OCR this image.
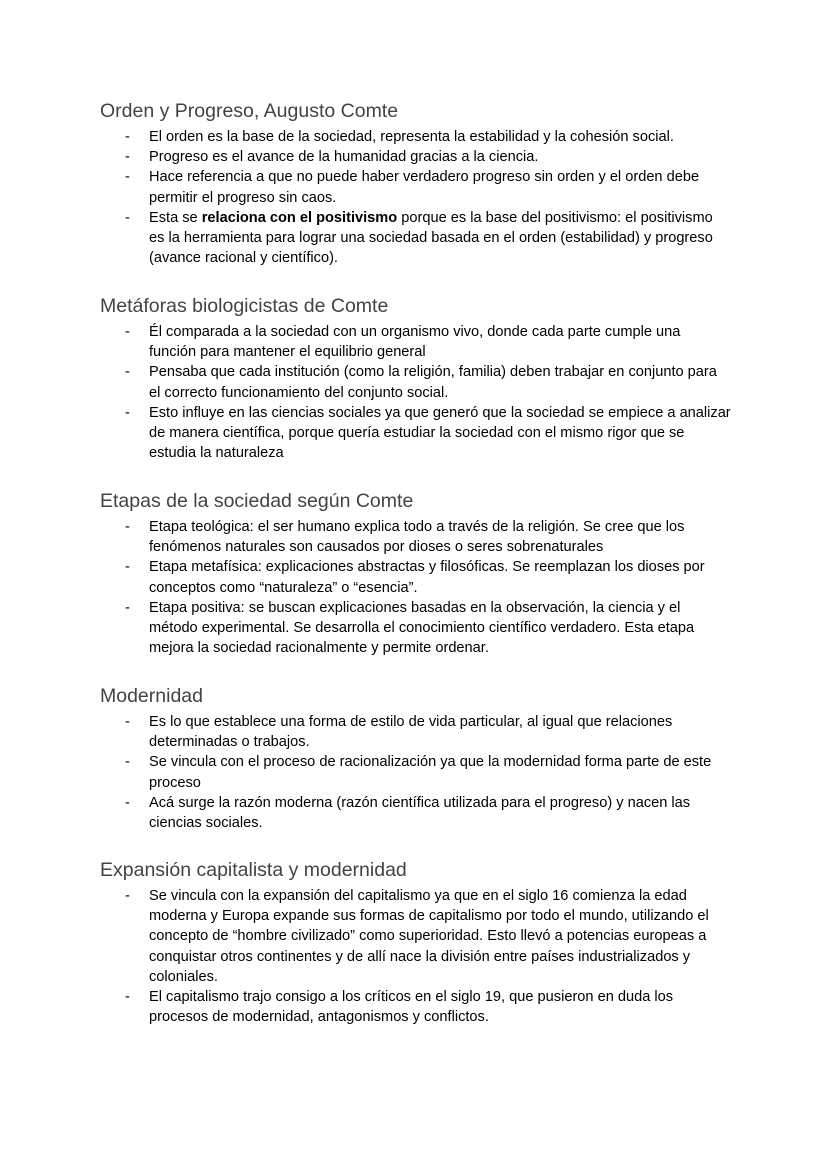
Orden y Progreso, Augusto Comte
- El orden es la base de la sociedad, representa la estabilidad y la cohesión social.
- Progreso es el avance de la humanidad gracias a la ciencia.
- Hace referencia a que no puede haber verdadero progreso sin orden y el orden debe permitir el progreso sin caos.
- Esta se relaciona con el positivismo porque es la base del positivismo: el positivismo es la herramienta para lograr una sociedad basada en el orden (estabilidad) y progreso (avance racional y científico).
Metáforas biologicistas de Comte
- Él comparada a la sociedad con un organismo vivo, donde cada parte cumple una función para mantener el equilibrio general
- Pensaba que cada institución (como la religión, familia) deben trabajar en conjunto para el correcto funcionamiento del conjunto social.
- Esto influye en las ciencias sociales ya que generó que la sociedad se empiece a analizar de manera científica, porque quería estudiar la sociedad con el mismo rigor que se estudia la naturaleza
Etapas de la sociedad según Comte
- Etapa teológica: el ser humano explica todo a través de la religión. Se cree que los fenómenos naturales son causados por dioses o seres sobrenaturales
- Etapa metafísica: explicaciones abstractas y filosóficas. Se reemplazan los dioses por conceptos como “naturaleza” o “esencia”.
- Etapa positiva: se buscan explicaciones basadas en la observación, la ciencia y el método experimental. Se desarrolla el conocimiento científico verdadero. Esta etapa mejora la sociedad racionalmente y permite ordenar.
Modernidad
- Es lo que establece una forma de estilo de vida particular, al igual que relaciones determinadas o trabajos.
- Se vincula con el proceso de racionalización ya que la modernidad forma parte de este proceso
- Acá surge la razón moderna (razón científica utilizada para el progreso) y nacen las ciencias sociales.
Expansión capitalista y modernidad
- Se vincula con la expansión del capitalismo ya que en el siglo 16 comienza la edad moderna y Europa expande sus formas de capitalismo por todo el mundo, utilizando el concepto de “hombre civilizado” como superioridad. Esto llevó a potencias europeas a conquistar otros continentes y de allí nace la división entre países industrializados y coloniales.
- El capitalismo trajo consigo a los críticos en el siglo 19, que pusieron en duda los procesos de modernidad, antagonismos y conflictos.
